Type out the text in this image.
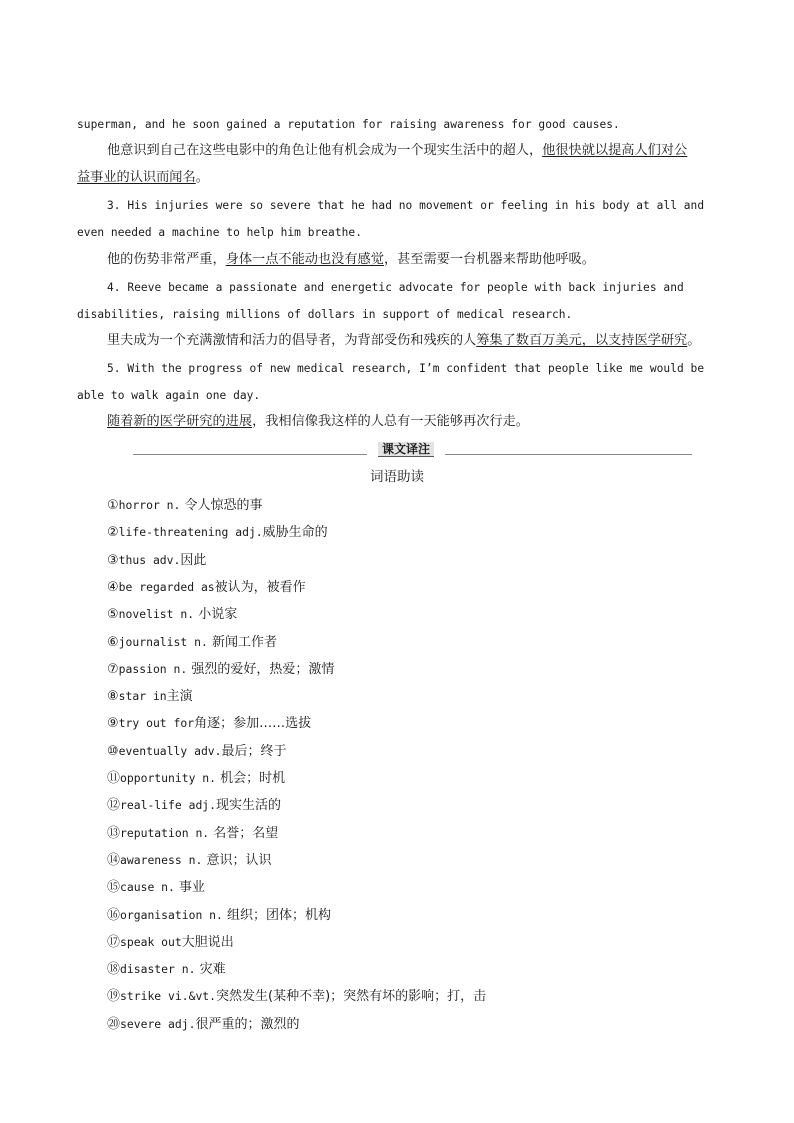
superman, and he soon gained a reputation for raising awareness for good causes.
他意识到自己在这些电影中的角色让他有机会成为一个现实生活中的超人，他很快就以提高人们对公
益事业的认识而闻名。
3. His injuries were so severe that he had no movement or feeling in his body at all and
even needed a machine to help him breathe.
他的伤势非常严重，身体一点不能动也没有感觉，甚至需要一台机器来帮助他呼吸。
4. Reeve became a passionate and energetic advocate for people with back injuries and
disabilities, raising millions of dollars in support of medical research.
里夫成为一个充满激情和活力的倡导者，为背部受伤和残疾的人筹集了数百万美元，以支持医学研究。
5. With the progress of new medical research, I’m confident that people like me would be
able to walk again one day.
随着新的医学研究的进展，我相信像我这样的人总有一天能够再次行走。
课文译注
词语助读
①horror n. 令人惊恐的事
②life-threatening adj.威胁生命的
③thus adv.因此
④be regarded as被认为，被看作
⑤novelist n. 小说家
⑥journalist n. 新闻工作者
⑦passion n. 强烈的爱好，热爱；激情
⑧star in主演
⑨try out for角逐；参加……选拔
⑩eventually adv.最后；终于
⑪opportunity n. 机会；时机
⑫real-life adj.现实生活的
⑬reputation n. 名誉；名望
⑭awareness n. 意识；认识
⑮cause n. 事业
⑯organisation n. 组织；团体；机构
⑰speak out大胆说出
⑱disaster n. 灾难
⑲strike vi.&vt.突然发生(某种不幸)；突然有坏的影响；打，击
⑳severe adj.很严重的；激烈的
